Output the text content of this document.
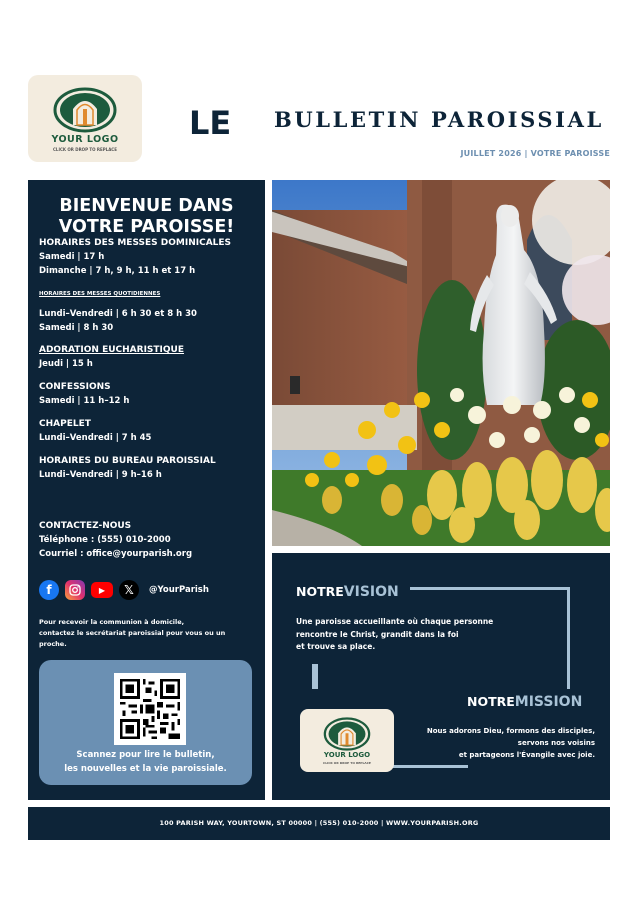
YOUR LOGO
CLICK OR DROP TO REPLACE
LE BULLETIN PAROISSIAL
JUILLET 2026 | VOTRE PAROISSE
BIENVENUE DANS
VOTRE PAROISSE!
HORAIRES DES MESSES DOMINICALES
Samedi | 17 h
Dimanche | 7 h, 9 h, 11 h et 17 h
HORAIRES DES MESSES QUOTIDIENNES
Lundi–Vendredi | 6 h 30 et 8 h 30
Samedi | 8 h 30
ADORATION EUCHARISTIQUE
Jeudi | 15 h
CONFESSIONS
Samedi | 11 h–12 h
CHAPELET
Lundi–Vendredi | 7 h 45
HORAIRES DU BUREAU PAROISSIAL
Lundi–Vendredi | 9 h–16 h
CONTACTEZ-NOUS
Téléphone : (555) 010-2000
Courriel : office@yourparish.org
f	▶	𝕏	@YourParish
Pour recevoir la communion à domicile,
contactez le secrétariat paroissial pour vous ou un
proche.
Scannez pour lire le bulletin,
les nouvelles et la vie paroissiale.
NOTREVISION
Une paroisse accueillante où chaque personne
rencontre le Christ, grandit dans la foi
et trouve sa place.
NOTREMISSION
Nous adorons Dieu, formons des disciples,
servons nos voisins
et partageons l'Évangile avec joie.
YOUR LOGO
CLICK OR DROP TO REPLACE
100 PARISH WAY, YOURTOWN, ST 00000 | (555) 010-2000 | WWW.YOURPARISH.ORG
